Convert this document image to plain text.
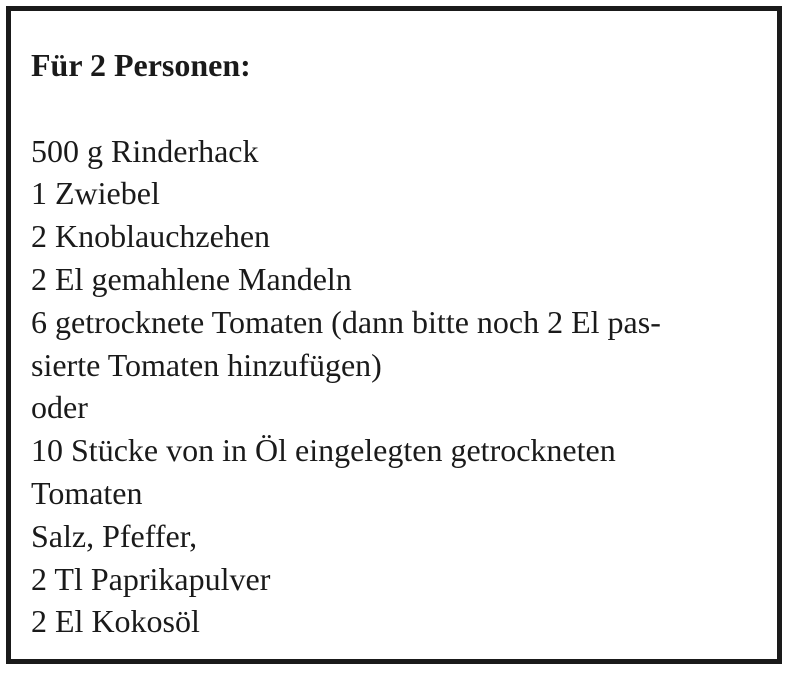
Für 2 Personen:
500 g Rinderhack
1 Zwiebel
2 Knoblauchzehen
2 El gemahlene Mandeln
6 getrocknete Tomaten (dann bitte noch 2 El pas-
sierte Tomaten hinzufügen)
oder
10 Stücke von in Öl eingelegten getrockneten
Tomaten
Salz, Pfeffer,
2 Tl Paprikapulver
2 El Kokosöl
